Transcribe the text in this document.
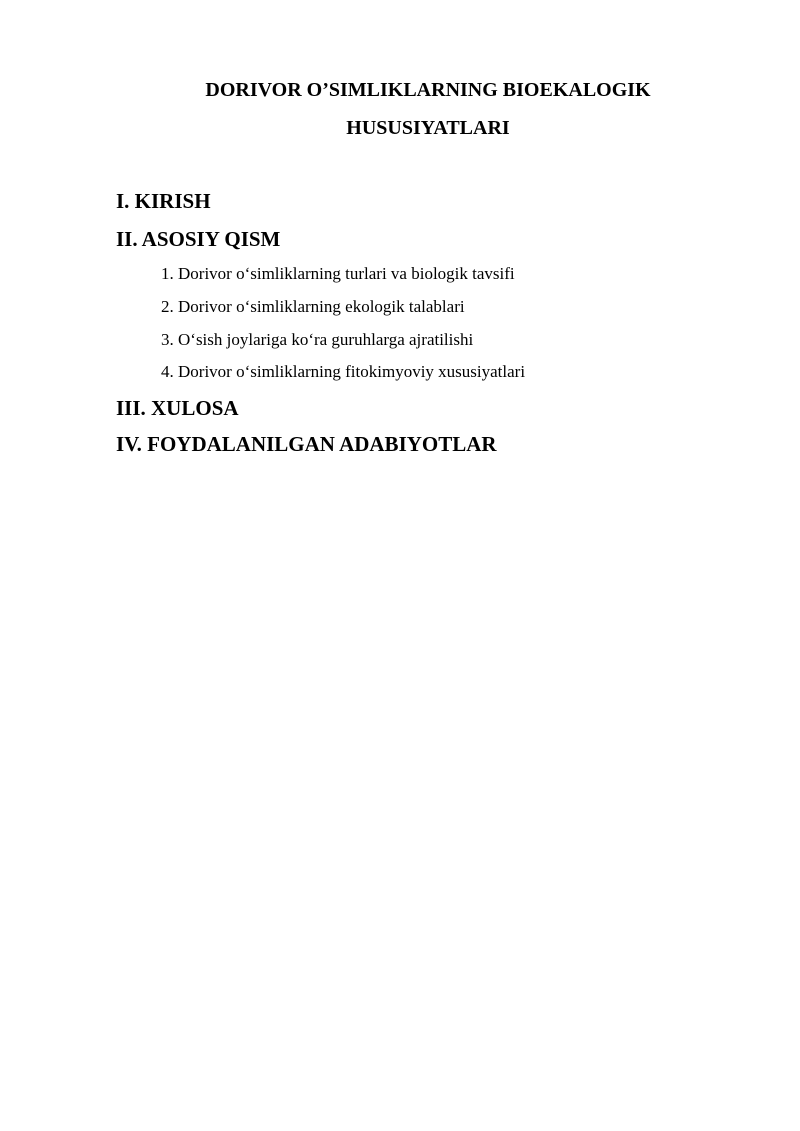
DORIVOR O’SIMLIKLARNING BIOEKALOGIK
HUSUSIYATLARI

I. KIRISH

II. ASOSIY QISM

1. Dorivor o‘simliklarning turlari va biologik tavsifi

2. Dorivor o‘simliklarning ekologik talablari

3. O‘sish joylariga ko‘ra guruhlarga ajratilishi

4. Dorivor o‘simliklarning fitokimyoviy xususiyatlari

III. XULOSA

IV. FOYDALANILGAN ADABIYOTLAR
